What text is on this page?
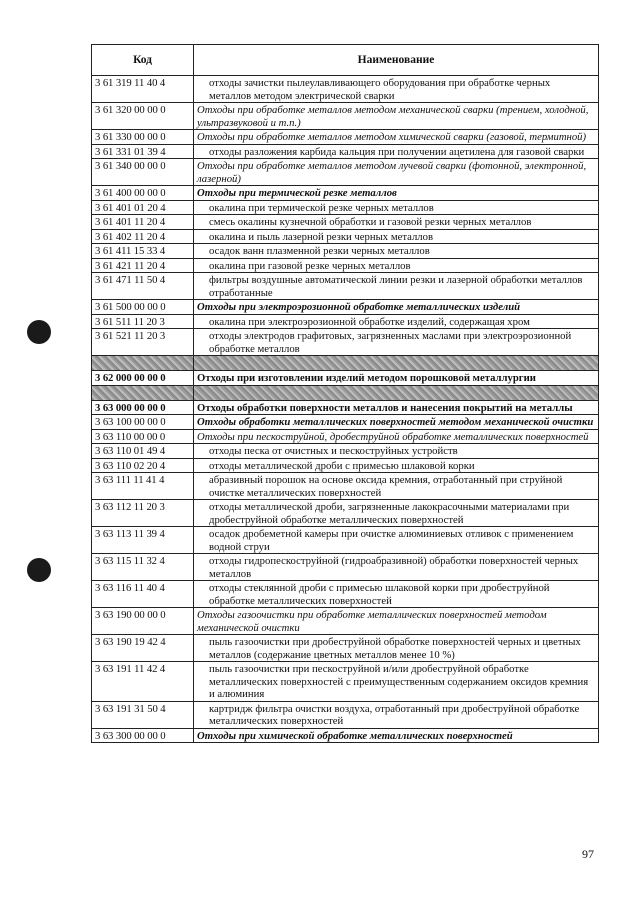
Код	Наименование
3 61 319 11 40 4	отходы зачистки пылеулавливающего оборудования при обработке черных металлов методом электрической сварки
3 61 320 00 00 0	Отходы при обработке металлов методом механической сварки (трением, холодной, ультразвуковой и т.п.)
3 61 330 00 00 0	Отходы при обработке металлов методом химической сварки (газовой, термитной)
3 61 331 01 39 4	отходы разложения карбида кальция при получении ацетилена для газовой сварки
3 61 340 00 00 0	Отходы при обработке металлов методом лучевой сварки (фотонной, электронной, лазерной)
3 61 400 00 00 0	Отходы при термической резке металлов
3 61 401 01 20 4	окалина при термической резке черных металлов
3 61 401 11 20 4	смесь окалины кузнечной обработки и газовой резки черных металлов
3 61 402 11 20 4	окалина и пыль лазерной резки черных металлов
3 61 411 15 33 4	осадок ванн плазменной резки черных металлов
3 61 421 11 20 4	окалина при газовой резке черных металлов
3 61 471 11 50 4	фильтры воздушные автоматической линии резки и лазерной обработки металлов отработанные
3 61 500 00 00 0	Отходы при электроэрозионной обработке металлических изделий
3 61 511 11 20 3	окалина при электроэрозионной обработке изделий, содержащая хром
3 61 521 11 20 3	отходы электродов графитовых, загрязненных маслами при электроэрозионной обработке металлов
3 62 000 00 00 0	Отходы при изготовлении изделий методом порошковой металлургии
3 63 000 00 00 0	Отходы обработки поверхности металлов и нанесения покрытий на металлы
3 63 100 00 00 0	Отходы обработки металлических поверхностей методом механической очистки
3 63 110 00 00 0	Отходы при пескоструйной, дробеструйной обработке металлических поверхностей
3 63 110 01 49 4	отходы песка от очистных и пескоструйных устройств
3 63 110 02 20 4	отходы металлической дроби с примесью шлаковой корки
3 63 111 11 41 4	абразивный порошок на основе оксида кремния, отработанный при струйной очистке металлических поверхностей
3 63 112 11 20 3	отходы металлической дроби, загрязненные лакокрасочными материалами при дробеструйной обработке металлических поверхностей
3 63 113 11 39 4	осадок дробеметной камеры при очистке алюминиевых отливок с применением водной струи
3 63 115 11 32 4	отходы гидропескоструйной (гидроабразивной) обработки поверхностей черных металлов
3 63 116 11 40 4	отходы стеклянной дроби с примесью шлаковой корки при дробеструйной обработке металлических поверхностей
3 63 190 00 00 0	Отходы газоочистки при обработке металлических поверхностей методом механической очистки
3 63 190 19 42 4	пыль газоочистки при дробеструйной обработке поверхностей черных и цветных металлов (содержание цветных металлов менее 10 %)
3 63 191 11 42 4	пыль газоочистки при пескоструйной и/или дробеструйной обработке металлических поверхностей с преимущественным содержанием оксидов кремния и алюминия
3 63 191 31 50 4	картридж фильтра очистки воздуха, отработанный при дробеструйной обработке металлических поверхностей
3 63 300 00 00 0	Отходы при химической обработке металлических поверхностей
97
